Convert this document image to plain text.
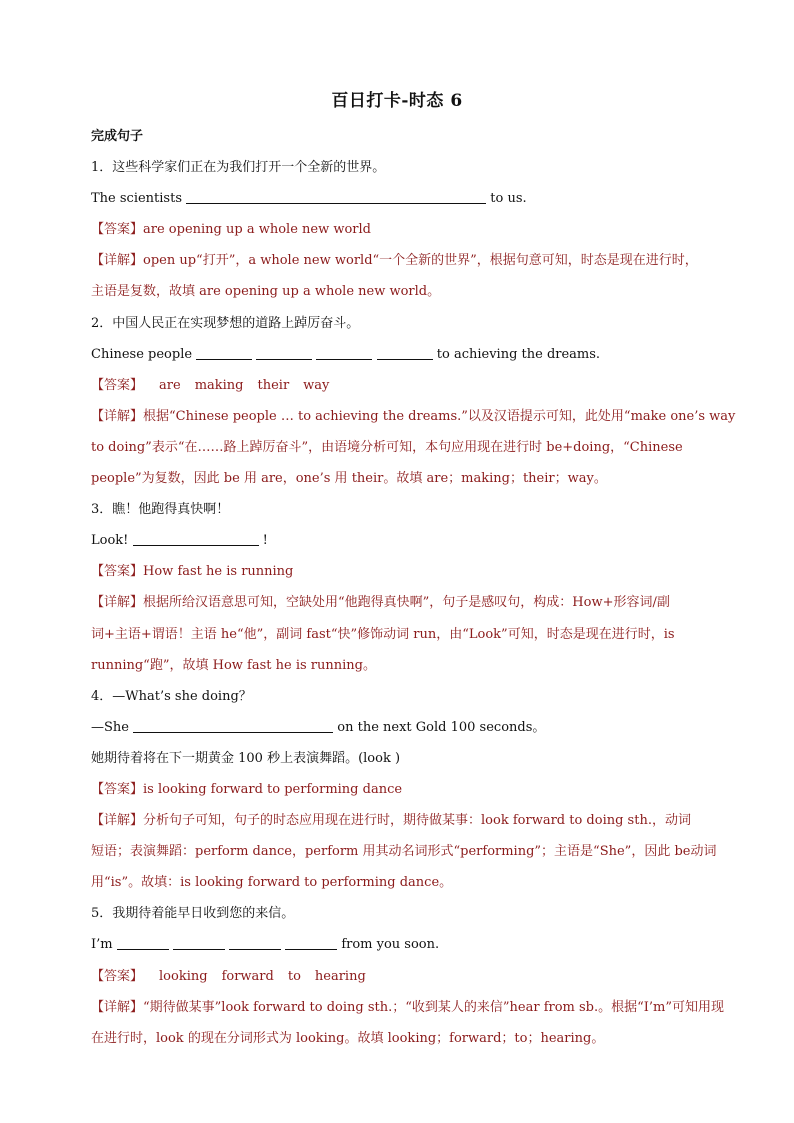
百日打卡-时态 6
完成句子
1．这些科学家们正在为我们打开一个全新的世界。
The scientists	to us.
【答案】are opening up a whole new world
【详解】open up“打开”，a whole new world“一个全新的世界”，根据句意可知，时态是现在进行时，
主语是复数，故填 are opening up a whole new world。
2．中国人民正在实现梦想的道路上踔厉奋斗。
Chinese people	to achieving the dreams.
【答案】 are making their way
【详解】根据“Chinese people … to achieving the dreams.”以及汉语提示可知，此处用“make one’s way
to doing”表示“在……路上踔厉奋斗”，由语境分析可知，本句应用现在进行时 be+doing，“Chinese
people”为复数，因此 be 用 are，one’s 用 their。故填 are；making；their；way。
3．瞧！他跑得真快啊！
Look!	!
【答案】How fast he is running
【详解】根据所给汉语意思可知，空缺处用“他跑得真快啊”，句子是感叹句，构成：How+形容词/副
词+主语+谓语！主语 he“他”，副词 fast“快”修饰动词 run，由“Look”可知，时态是现在进行时，is
running“跑”，故填 How fast he is running。
4．—What’s she doing？
—She	on the next Gold 100 seconds。
她期待着将在下一期黄金 100 秒上表演舞蹈。(look )
【答案】is looking forward to performing dance
【详解】分析句子可知，句子的时态应用现在进行时，期待做某事：look forward to doing sth.，动词
短语；表演舞蹈：perform dance，perform 用其动名词形式“performing”；主语是“She”，因此 be动词
用“is”。故填：is looking forward to performing dance。
5．我期待着能早日收到您的来信。
I’m	from you soon.
【答案】 looking forward to hearing
【详解】“期待做某事”look forward to doing sth.；“收到某人的来信”hear from sb.。根据“I’m”可知用现
在进行时，look 的现在分词形式为 looking。故填 looking；forward；to；hearing。
